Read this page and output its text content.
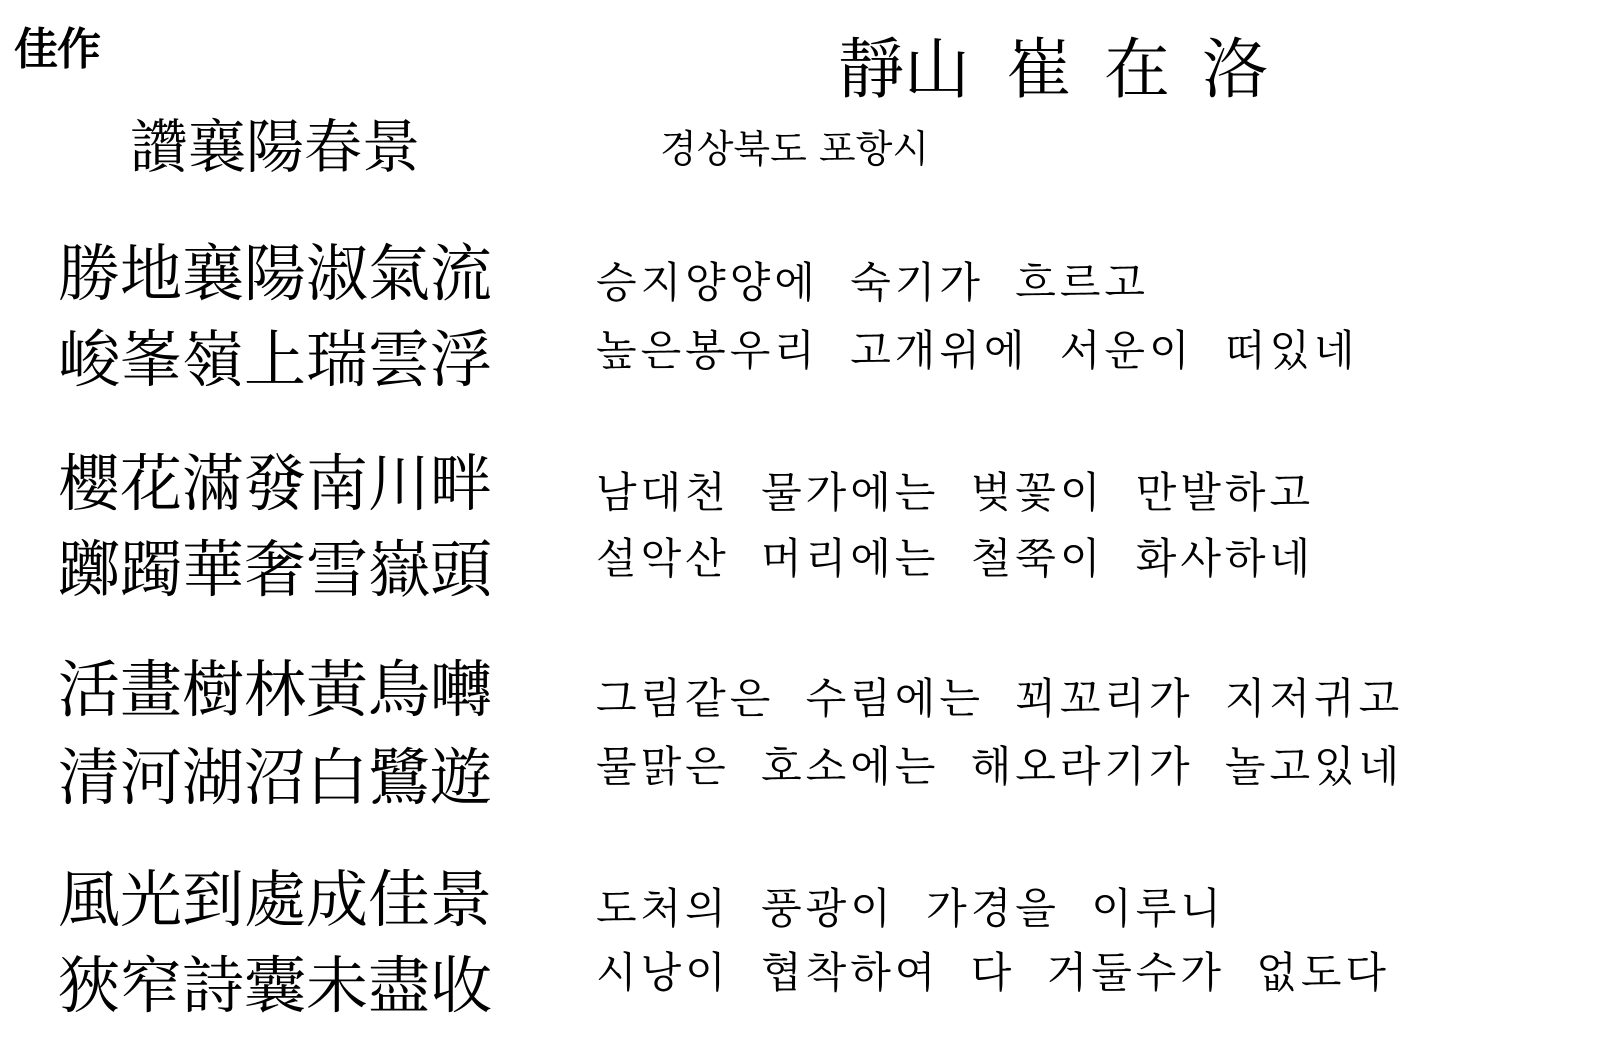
佳作	靜山 崔 在 洛
讚襄陽春景	경상북도 포항시
勝地襄陽淑氣流
峻峯嶺上瑞雲浮
승지양양에 숙기가 흐르고
높은봉우리 고개위에 서운이 떠있네
櫻花滿發南川畔
躑躅華奢雪嶽頭
남대천 물가에는 벚꽃이 만발하고
설악산 머리에는 철쭉이 화사하네
活畫樹林黃鳥囀
清河湖沼白鷺遊
그림같은 수림에는 꾀꼬리가 지저귀고
물맑은 호소에는 해오라기가 놀고있네
風光到處成佳景
狹窄詩囊未盡收
도처의 풍광이 가경을 이루니
시낭이 협착하여 다 거둘수가 없도다
